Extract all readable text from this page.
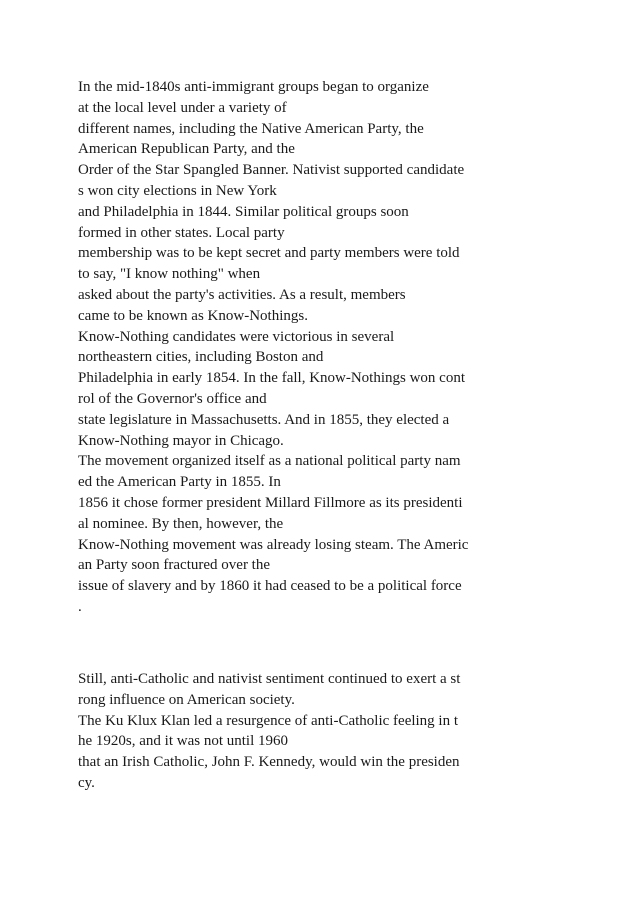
In the mid-1840s anti-immigrant groups began to organize
at the local level under a variety of
different names, including the Native American Party, the
American Republican Party, and the
Order of the Star Spangled Banner. Nativist supported candidate
s won city elections in New York
and Philadelphia in 1844. Similar political groups soon
formed in other states. Local party
membership was to be kept secret and party members were told
to say, "I know nothing" when
asked about the party's activities. As a result, members
came to be known as Know-Nothings.
Know-Nothing candidates were victorious in several
northeastern cities, including Boston and
Philadelphia in early 1854. In the fall, Know-Nothings won cont
rol of the Governor's office and
state legislature in Massachusetts. And in 1855, they elected a
Know-Nothing mayor in Chicago.
The movement organized itself as a national political party nam
ed the American Party in 1855. In
1856 it chose former president Millard Fillmore as its presidenti
al nominee. By then, however, the
Know-Nothing movement was already losing steam. The Americ
an Party soon fractured over the
issue of slavery and by 1860 it had ceased to be a political force
.
Still, anti-Catholic and nativist sentiment continued to exert a st
rong influence on American society.
The Ku Klux Klan led a resurgence of anti-Catholic feeling in t
he 1920s, and it was not until 1960
that an Irish Catholic, John F. Kennedy, would win the presiden
cy.
